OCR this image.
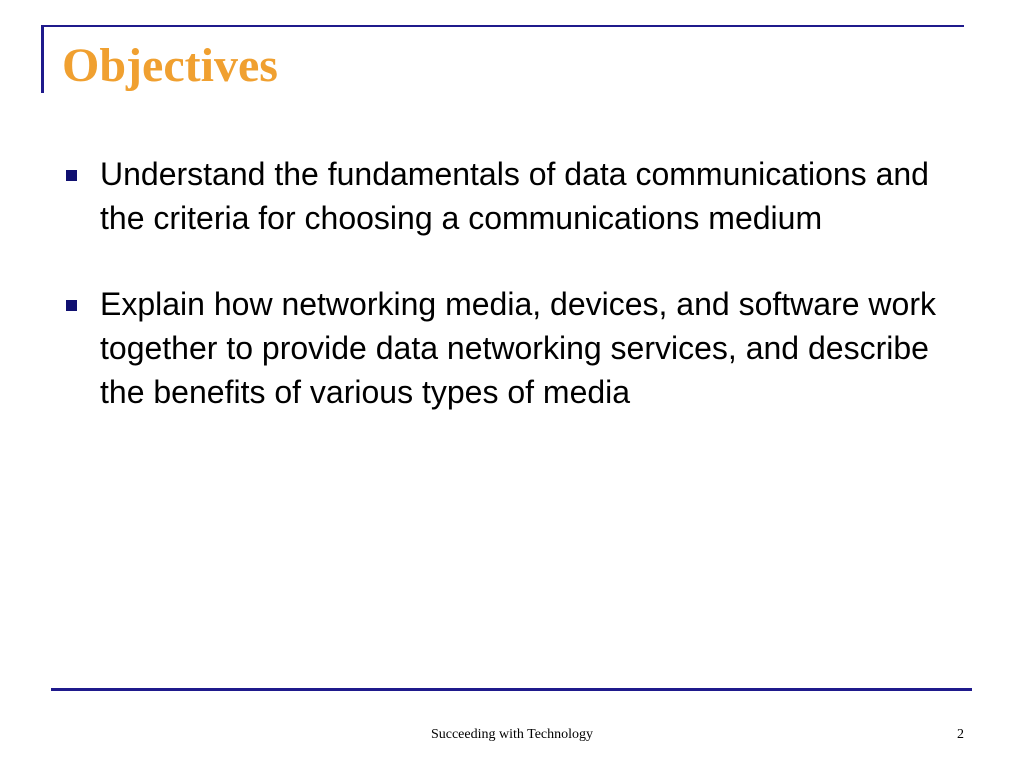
Objectives
Understand the fundamentals of data communications and the criteria for choosing a communications medium
Explain how networking media, devices, and software work together to provide data networking services, and describe the benefits of various types of media
Succeeding with Technology	2
